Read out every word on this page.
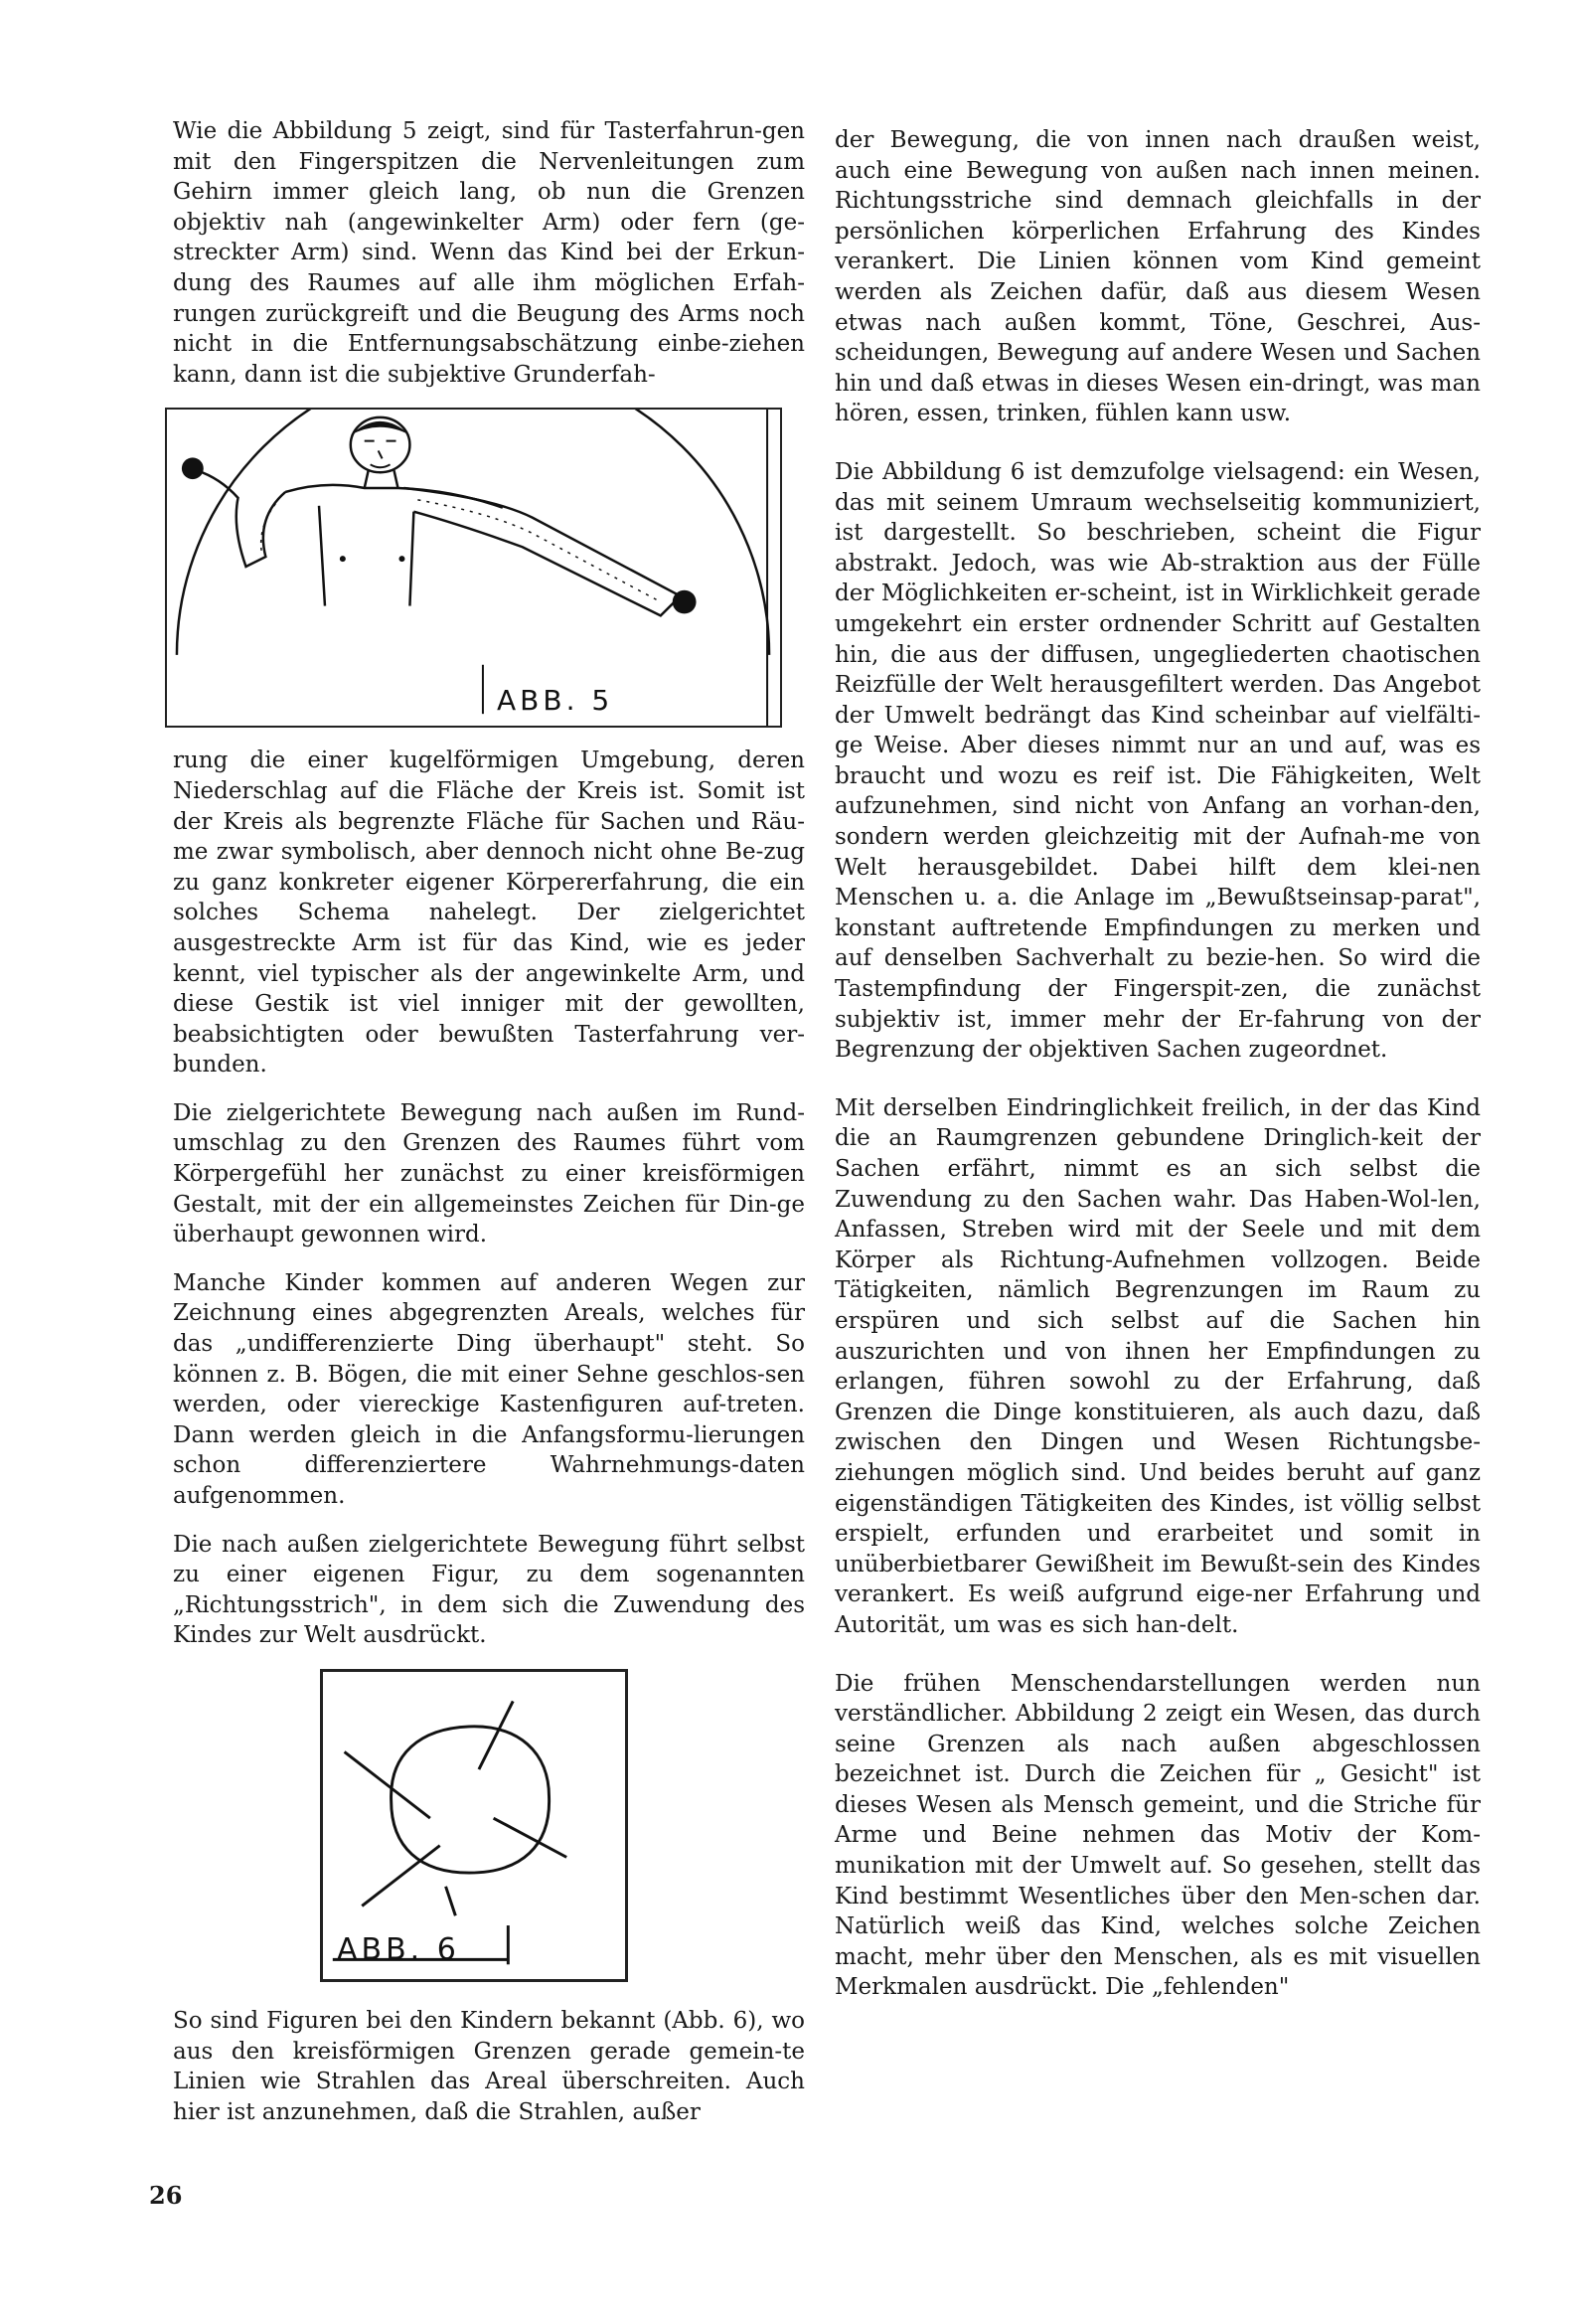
Wie die Abbildung 5 zeigt, sind für Tasterfahrun-gen mit den Fingerspitzen die Nervenleitungen zum Gehirn immer gleich lang, ob nun die Grenzen objektiv nah (angewinkelter Arm) oder fern (ge-streckter Arm) sind. Wenn das Kind bei der Erkun-dung des Raumes auf alle ihm möglichen Erfah-rungen zurückgreift und die Beugung des Arms noch nicht in die Entfernungsabschätzung einbe-ziehen kann, dann ist die subjektive Grunderfah-

ABB. 5

rung die einer kugelförmigen Umgebung, deren Niederschlag auf die Fläche der Kreis ist. Somit ist der Kreis als begrenzte Fläche für Sachen und Räu-me zwar symbolisch, aber dennoch nicht ohne Be-zug zu ganz konkreter eigener Körpererfahrung, die ein solches Schema nahelegt. Der zielgerichtet ausgestreckte Arm ist für das Kind, wie es jeder kennt, viel typischer als der angewinkelte Arm, und diese Gestik ist viel inniger mit der gewollten, beabsichtigten oder bewußten Tasterfahrung ver-bunden.

Die zielgerichtete Bewegung nach außen im Rund-umschlag zu den Grenzen des Raumes führt vom Körpergefühl her zunächst zu einer kreisförmigen Gestalt, mit der ein allgemeinstes Zeichen für Din-ge überhaupt gewonnen wird.

Manche Kinder kommen auf anderen Wegen zur Zeichnung eines abgegrenzten Areals, welches für das „undifferenzierte Ding überhaupt" steht. So können z. B. Bögen, die mit einer Sehne geschlos-sen werden, oder viereckige Kastenfiguren auf-treten. Dann werden gleich in die Anfangsformu-lierungen schon differenziertere Wahrnehmungs-daten aufgenommen.

Die nach außen zielgerichtete Bewegung führt selbst zu einer eigenen Figur, zu dem sogenannten „Richtungsstrich", in dem sich die Zuwendung des Kindes zur Welt ausdrückt.

ABB. 6

So sind Figuren bei den Kindern bekannt (Abb. 6), wo aus den kreisförmigen Grenzen gerade gemein-te Linien wie Strahlen das Areal überschreiten. Auch hier ist anzunehmen, daß die Strahlen, außer

der Bewegung, die von innen nach draußen weist, auch eine Bewegung von außen nach innen meinen. Richtungsstriche sind demnach gleichfalls in der persönlichen körperlichen Erfahrung des Kindes verankert. Die Linien können vom Kind gemeint werden als Zeichen dafür, daß aus diesem Wesen etwas nach außen kommt, Töne, Geschrei, Aus-scheidungen, Bewegung auf andere Wesen und Sachen hin und daß etwas in dieses Wesen ein-dringt, was man hören, essen, trinken, fühlen kann usw.

Die Abbildung 6 ist demzufolge vielsagend: ein Wesen, das mit seinem Umraum wechselseitig kommuniziert, ist dargestellt. So beschrieben, scheint die Figur abstrakt. Jedoch, was wie Ab-straktion aus der Fülle der Möglichkeiten er-scheint, ist in Wirklichkeit gerade umgekehrt ein erster ordnender Schritt auf Gestalten hin, die aus der diffusen, ungegliederten chaotischen Reizfülle der Welt herausgefiltert werden. Das Angebot der Umwelt bedrängt das Kind scheinbar auf vielfälti-ge Weise. Aber dieses nimmt nur an und auf, was es braucht und wozu es reif ist. Die Fähigkeiten, Welt aufzunehmen, sind nicht von Anfang an vorhan-den, sondern werden gleichzeitig mit der Aufnah-me von Welt herausgebildet. Dabei hilft dem klei-nen Menschen u. a. die Anlage im „Bewußtseinsap-parat", konstant auftretende Empfindungen zu merken und auf denselben Sachverhalt zu bezie-hen. So wird die Tastempfindung der Fingerspit-zen, die zunächst subjektiv ist, immer mehr der Er-fahrung von der Begrenzung der objektiven Sachen zugeordnet.

Mit derselben Eindringlichkeit freilich, in der das Kind die an Raumgrenzen gebundene Dringlich-keit der Sachen erfährt, nimmt es an sich selbst die Zuwendung zu den Sachen wahr. Das Haben-Wol-len, Anfassen, Streben wird mit der Seele und mit dem Körper als Richtung-Aufnehmen vollzogen. Beide Tätigkeiten, nämlich Begrenzungen im Raum zu erspüren und sich selbst auf die Sachen hin auszurichten und von ihnen her Empfindungen zu erlangen, führen sowohl zu der Erfahrung, daß Grenzen die Dinge konstituieren, als auch dazu, daß zwischen den Dingen und Wesen Richtungsbe-ziehungen möglich sind. Und beides beruht auf ganz eigenständigen Tätigkeiten des Kindes, ist völlig selbst erspielt, erfunden und erarbeitet und somit in unüberbietbarer Gewißheit im Bewußt-sein des Kindes verankert. Es weiß aufgrund eige-ner Erfahrung und Autorität, um was es sich han-delt.

Die frühen Menschendarstellungen werden nun verständlicher. Abbildung 2 zeigt ein Wesen, das durch seine Grenzen als nach außen abgeschlossen bezeichnet ist. Durch die Zeichen für „ Gesicht" ist dieses Wesen als Mensch gemeint, und die Striche für Arme und Beine nehmen das Motiv der Kom-munikation mit der Umwelt auf. So gesehen, stellt das Kind bestimmt Wesentliches über den Men-schen dar. Natürlich weiß das Kind, welches solche Zeichen macht, mehr über den Menschen, als es mit visuellen Merkmalen ausdrückt. Die „fehlenden"

26
